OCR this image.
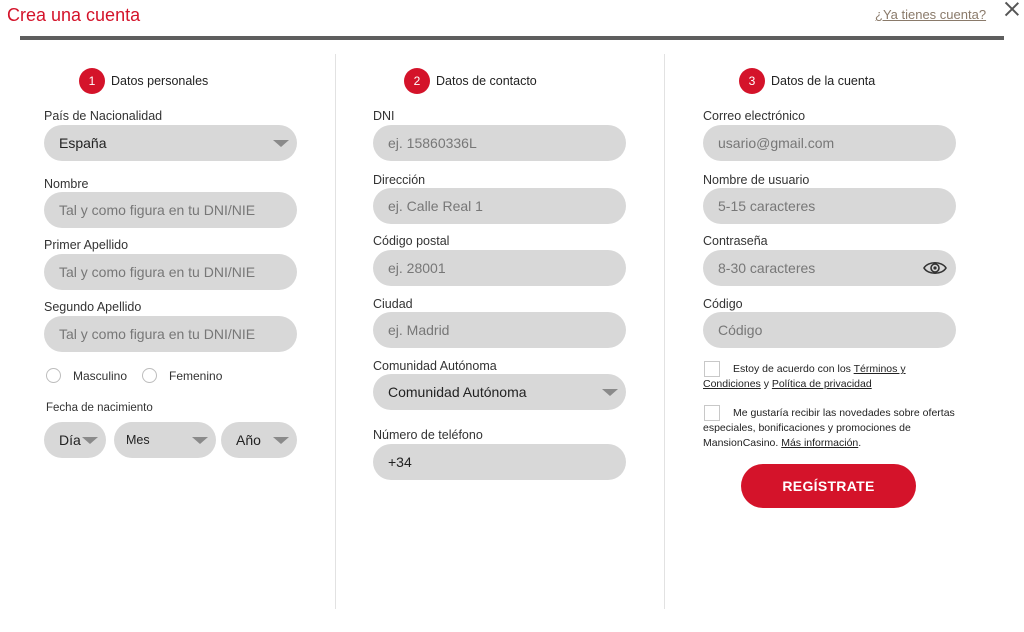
Crea una cuenta	¿Ya tienes cuenta?
1	Datos personales
País de Nacionalidad
España
Nombre
Tal y como figura en tu DNI/NIE
Primer Apellido
Tal y como figura en tu DNI/NIE
Segundo Apellido
Tal y como figura en tu DNI/NIE
Masculino	Femenino
Fecha de nacimiento
Día	Mes	Año
2	Datos de contacto
DNI
ej. 15860336L
Dirección
ej. Calle Real 1
Código postal
ej. 28001
Ciudad
ej. Madrid
Comunidad Autónoma
Comunidad Autónoma
Número de teléfono
+34
3	Datos de la cuenta
Correo electrónico
usario@gmail.com
Nombre de usuario
5-15 caracteres
Contraseña
8-30 caracteres
Código
Código
Estoy de acuerdo con los Términos y Condiciones y Política de privacidad
Me gustaría recibir las novedades sobre ofertas especiales, bonificaciones y promociones de MansionCasino. Más información.
REGÍSTRATE
